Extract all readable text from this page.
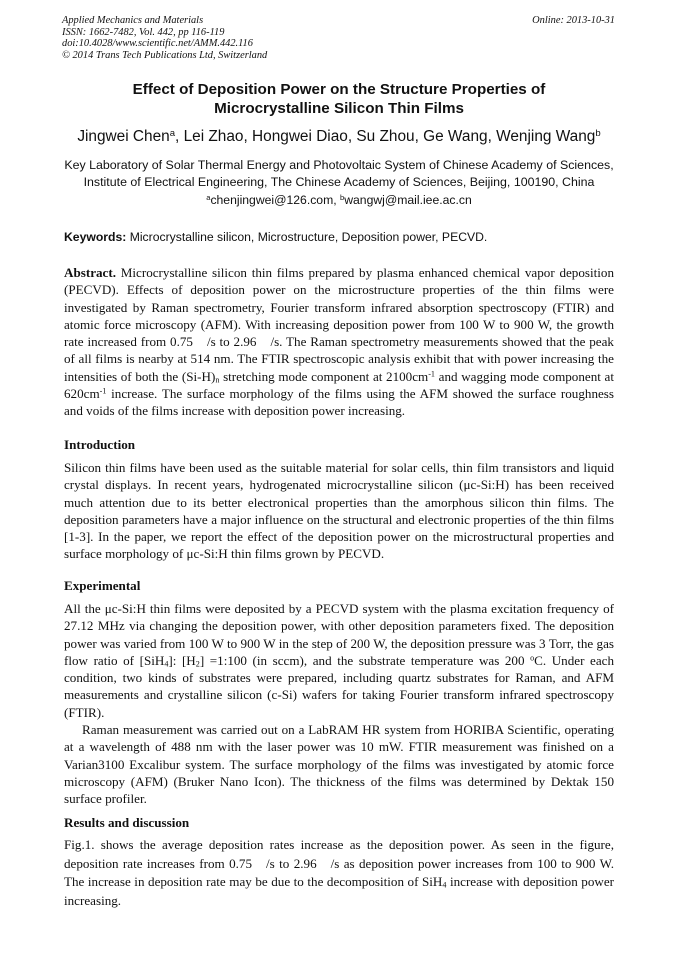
Applied Mechanics and Materials
ISSN: 1662-7482, Vol. 442, pp 116-119
doi:10.4028/www.scientific.net/AMM.442.116
© 2014 Trans Tech Publications Ltd, Switzerland
Online: 2013-10-31
Effect of Deposition Power on the Structure Properties of
Microcrystalline Silicon Thin Films
Jingwei Chen$^a$, Lei Zhao, Hongwei Diao, Su Zhou, Ge Wang, Wenjing Wang$^b$
Key Laboratory of Solar Thermal Energy and Photovoltaic System of Chinese Academy of Sciences,
Institute of Electrical Engineering, The Chinese Academy of Sciences, Beijing, 100190, China
$^a$chenjingwei@126.com, $^b$wangwj@mail.iee.ac.cn
Keywords: Microcrystalline silicon, Microstructure, Deposition power, PECVD.

Abstract. Microcrystalline silicon thin films prepared by plasma enhanced chemical vapor deposition (PECVD). Effects of deposition power on the microstructure properties of the thin films were investigated by Raman spectrometry, Fourier transform infrared absorption spectroscopy (FTIR) and atomic force microscopy (AFM). With increasing deposition power from 100 W to 900 W, the growth rate increased from 0.75 /s to 2.96 /s. The Raman spectrometry measurements showed that the peak of all films is nearby at 514 nm. The FTIR spectroscopic analysis exhibit that with power increasing the intensities of both the $(Si-H)_n$ stretching mode component at $2100cm^{-1}$ and wagging mode component at $620cm^{-1}$ increase. The surface morphology of the films using the AFM showed the surface roughness and voids of the films increase with deposition power increasing.

Introduction

Silicon thin films have been used as the suitable material for solar cells, thin film transistors and liquid crystal displays. In recent years, hydrogenated microcrystalline silicon (μc-Si:H) has been received much attention due to its better electronical properties than the amorphous silicon thin films. The deposition parameters have a major influence on the structural and electronic properties of the thin films [1-3]. In the paper, we report the effect of the deposition power on the microstructural properties and surface morphology of μc-Si:H thin films grown by PECVD.

Experimental

All the μc-Si:H thin films were deposited by a PECVD system with the plasma excitation frequency of 27.12 MHz via changing the deposition power, with other deposition parameters fixed. The deposition power was varied from 100 W to 900 W in the step of 200 W, the deposition pressure was 3 Torr, the gas flow ratio of [SiH$_4$]: $[H_2]$ =1:100 (in sccm), and the substrate temperature was 200 $^o$C. Under each condition, two kinds of substrates were prepared, including quartz substrates for Raman, and AFM measurements and crystalline silicon (c-Si) wafers for taking Fourier transform infrared spectroscopy (FTIR).

Raman measurement was carried out on a LabRAM HR system from HORIBA Scientific, operating at a wavelength of 488 nm with the laser power was 10 mW. FTIR measurement was finished on a Varian3100 Excalibur system. The surface morphology of the films was investigated by atomic force microscopy (AFM) (Bruker Nano Icon). The thickness of the films was determined by Dektak 150 surface profiler.

Results and discussion

Fig.1. shows the average deposition rates increase as the deposition power. As seen in the figure, deposition rate increases from 0.75 /s to 2.96 /s as deposition power increases from 100 to 900 W. The increase in deposition rate may be due to the decomposition of SiH$_4$ increase with deposition power increasing.
